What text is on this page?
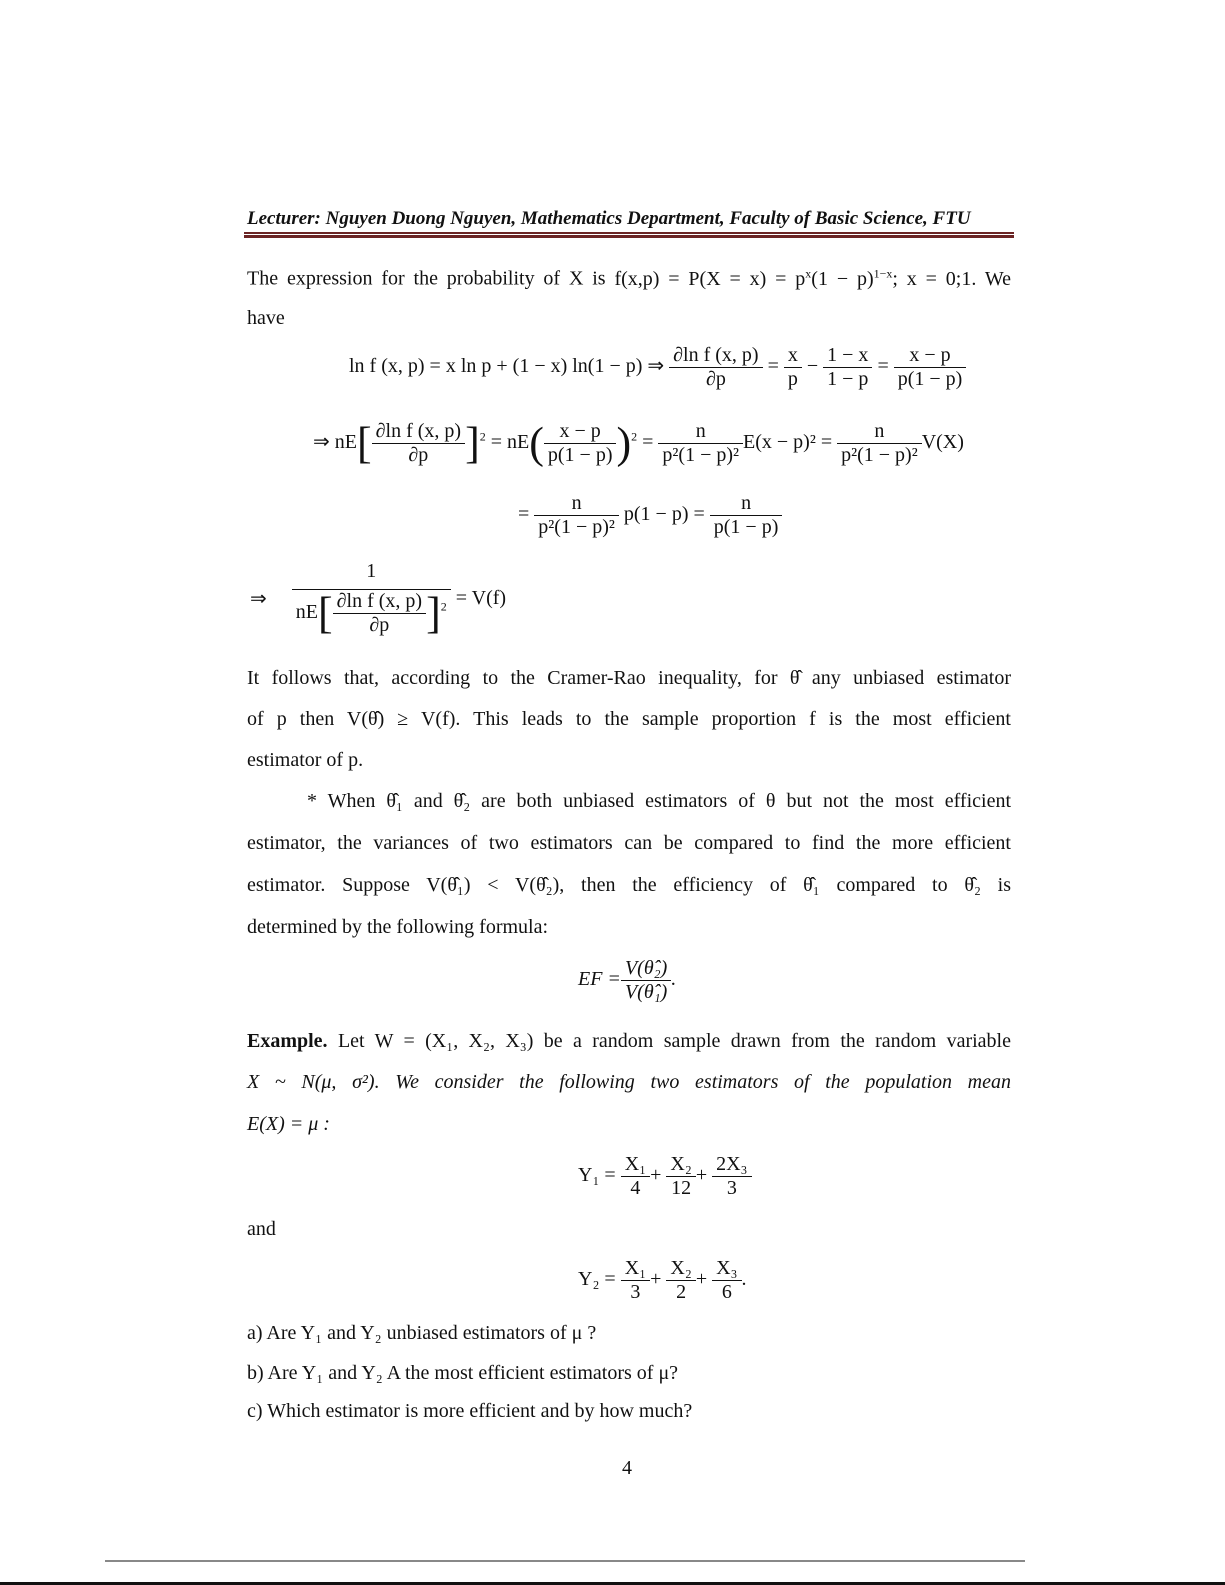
Lecturer: Nguyen Duong Nguyen, Mathematics Department, Faculty of Basic Science, FTU
The expression for the probability of X is $f(x,p) = P(X = x) = p^x(1 - p)^{1-x}$; x = 0;1. We
have
ln f (x, p) = x ln p + (1 − x) ln(1 − p) ⇒ $\frac{\text{∂ln f (x, p)}}{\partial p} = \frac{x}{p} - \frac{1 - x}{1 - p} = \frac{x - p}{p(1 - p)}$
⇒ $nE[ \frac{\text{∂ln f (x, p)}}{\partial p} ]^2 = nE( \frac{x - p}{p(1 - p)} )^2 = \frac{n}{\text{p²(1 − p)²}} E(x - p)^2 = \frac{n}{\text{p²(1 − p)²}} V(X)$
= $\frac{n}{\text{p²(1 − p)²}} p(1 - p) = \frac{n}{p(1 - p)}$
⇒ $\frac{1}{nE[ \frac{\text{∂ln f (x, p)}}{\partial p} ]^2} = V(f)$
It follows that, according to the Cramer-Rao inequality, for θ̂ any unbiased estimator
of p then V(θ̂) ≥ V(f). This leads to the sample proportion f is the most efficient
estimator of p.
* When θ̂₁ and θ̂₂ are both unbiased estimators of θ but not the most efficient
estimator, the variances of two estimators can be compared to find the more efficient
estimator. Suppose V(θ̂₁) < V(θ̂₂), then the efficiency of θ̂₁ compared to θ̂₂ is
determined by the following formula:
EF = $\frac{\text{V(θ̂₂)}}{\text{V(θ̂₁)}}$ .
Example. Let W = (X₁, X₂, X₃) be a random sample drawn from the random variable
X ~ N(μ, σ²). We consider the following two estimators of the population mean
E(X) = μ :
$Y_1 = \frac{\text{X₁}}{4} + \frac{\text{X₂}}{12} + \frac{\text{2X₃}}{3}$
and
$Y_2 = \frac{\text{X₁}}{3} + \frac{\text{X₂}}{2} + \frac{\text{X₃}}{6}$ .
a) Are Y₁ and Y₂ unbiased estimators of μ ?
b) Are Y₁ and Y₂ A the most efficient estimators of μ?
c) Which estimator is more efficient and by how much?
4
